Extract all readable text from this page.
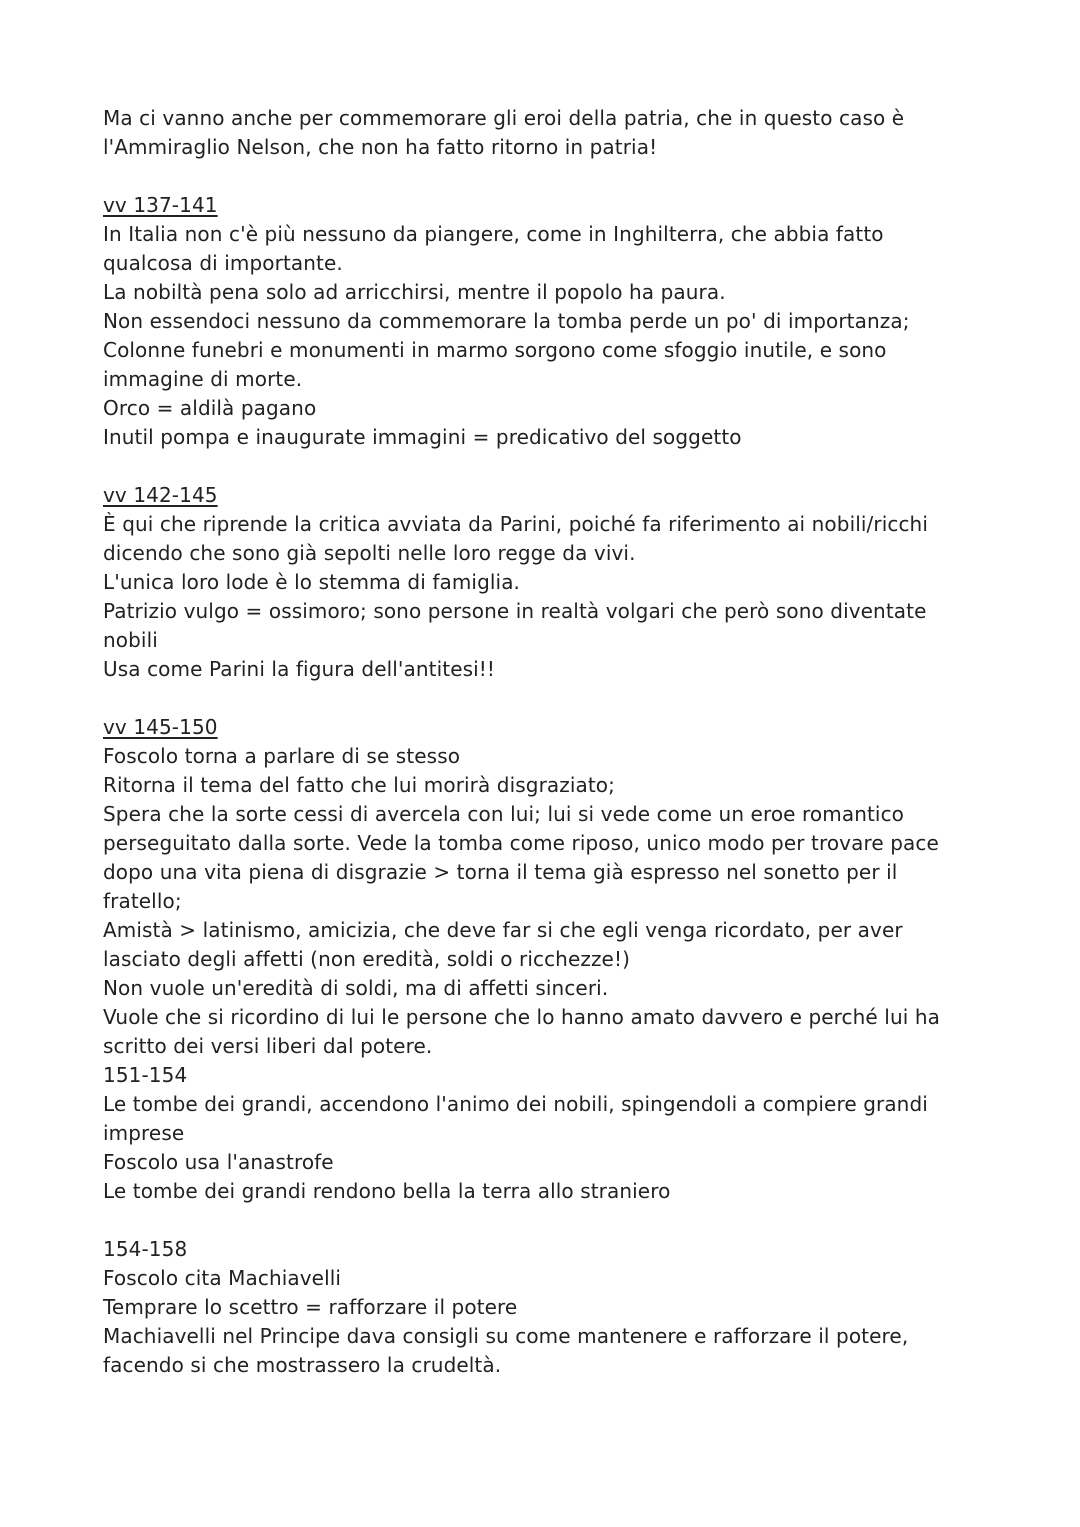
Ma ci vanno anche per commemorare gli eroi della patria, che in questo caso è
l'Ammiraglio Nelson, che non ha fatto ritorno in patria!
vv 137-141
In Italia non c'è più nessuno da piangere, come in Inghilterra, che abbia fatto
qualcosa di importante.
La nobiltà pena solo ad arricchirsi, mentre il popolo ha paura.
Non essendoci nessuno da commemorare la tomba perde un po' di importanza;
Colonne funebri e monumenti in marmo sorgono come sfoggio inutile, e sono
immagine di morte.
Orco = aldilà pagano
Inutil pompa e inaugurate immagini = predicativo del soggetto
vv 142-145
È qui che riprende la critica avviata da Parini, poiché fa riferimento ai nobili/ricchi
dicendo che sono già sepolti nelle loro regge da vivi.
L'unica loro lode è lo stemma di famiglia.
Patrizio vulgo = ossimoro; sono persone in realtà volgari che però sono diventate
nobili
Usa come Parini la figura dell'antitesi!!
vv 145-150
Foscolo torna a parlare di se stesso
Ritorna il tema del fatto che lui morirà disgraziato;
Spera che la sorte cessi di avercela con lui; lui si vede come un eroe romantico
perseguitato dalla sorte. Vede la tomba come riposo, unico modo per trovare pace
dopo una vita piena di disgrazie > torna il tema già espresso nel sonetto per il
fratello;
Amistà > latinismo, amicizia, che deve far si che egli venga ricordato, per aver
lasciato degli affetti (non eredità, soldi o ricchezze!)
Non vuole un'eredità di soldi, ma di affetti sinceri.
Vuole che si ricordino di lui le persone che lo hanno amato davvero e perché lui ha
scritto dei versi liberi dal potere.
151-154
Le tombe dei grandi, accendono l'animo dei nobili, spingendoli a compiere grandi
imprese
Foscolo usa l'anastrofe
Le tombe dei grandi rendono bella la terra allo straniero
154-158
Foscolo cita Machiavelli
Temprare lo scettro = rafforzare il potere
Machiavelli nel Principe dava consigli su come mantenere e rafforzare il potere,
facendo si che mostrassero la crudeltà.
